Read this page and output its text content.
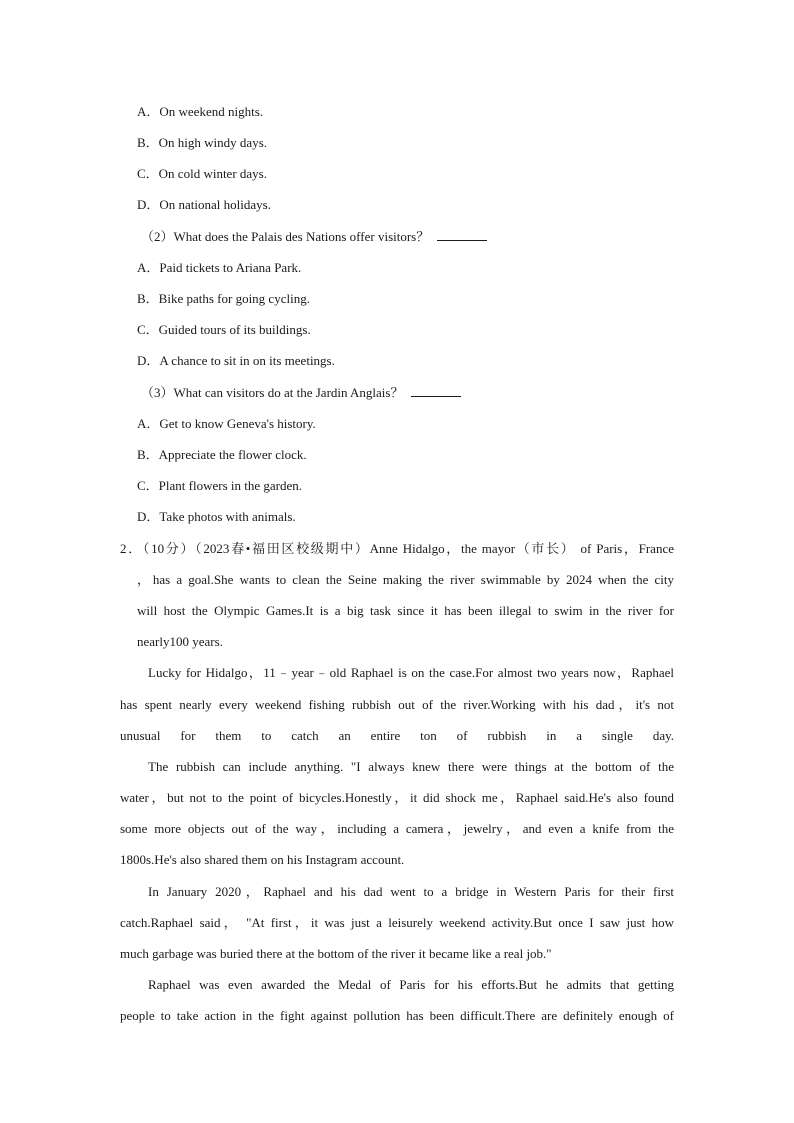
A．On weekend nights.
B．On high windy days.
C．On cold winter days.
D．On national holidays.
（2）What does the Palais des Nations offer visitors？
A．Paid tickets to Ariana Park.
B．Bike paths for going cycling.
C．Guided tours of its buildings.
D．A chance to sit in on its meetings.
（3）What can visitors do at the Jardin Anglais？
A．Get to know Geneva's history.
B．Appreciate the flower clock.
C．Plant flowers in the garden.
D．Take photos with animals.
2．（10分）（2023春•福田区校级期中）Anne Hidalgo，the mayor（市长） of Paris，France
，has a goal.She wants to clean the Seine making the river swimmable by 2024 when the city
will host the Olympic Games.It is a big task since it has been illegal to swim in the river for
nearly100 years.
Lucky for Hidalgo，11﹣year﹣old Raphael is on the case.For almost two years now，Raphael
has spent nearly every weekend fishing rubbish out of the river.Working with his dad，it's not
unusual for them to catch an entire ton of rubbish in a single day.
The rubbish can include anything. "I always knew there were things at the bottom of the
water，but not to the point of bicycles.Honestly，it did shock me，Raphael said.He's also found
some more objects out of the way，including a camera，jewelry，and even a knife from the
1800s.He's also shared them on his Instagram account.
In January 2020，Raphael and his dad went to a bridge in Western Paris for their first
catch.Raphael said， "At first，it was just a leisurely weekend activity.But once I saw just how
much garbage was buried there at the bottom of the river it became like a real job."
Raphael was even awarded the Medal of Paris for his efforts.But he admits that getting
people to take action in the fight against pollution has been difficult.There are definitely enough of
